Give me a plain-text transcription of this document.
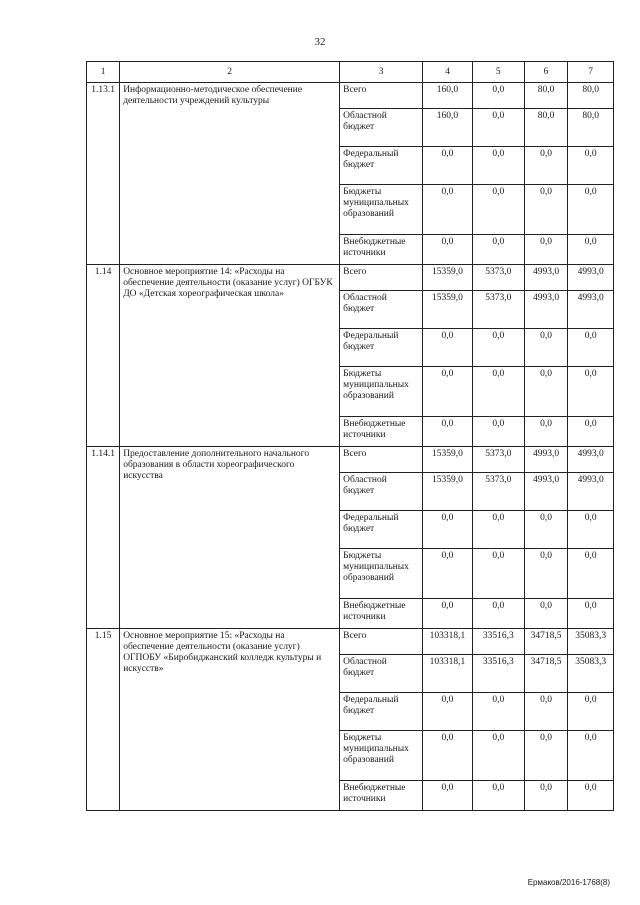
32
1	2	3	4	5	6	7
1.13.1	Информационно-методическое обеспечение деятельности учреждений культуры	Всего	160,0	0,0	80,0	80,0
		Областной бюджет	160,0	0,0	80,0	80,0
		Федеральный бюджет	0,0	0,0	0,0	0,0
		Бюджеты муниципальных образований	0,0	0,0	0,0	0,0
		Внебюджетные источники	0,0	0,0	0,0	0,0
1.14	Основное мероприятие 14: «Расходы на обеспечение деятельности (оказание услуг) ОГБУК ДО «Детская хореографическая школа»	Всего	15359,0	5373,0	4993,0	4993,0
		Областной бюджет	15359,0	5373,0	4993,0	4993,0
		Федеральный бюджет	0,0	0,0	0,0	0,0
		Бюджеты муниципальных образований	0,0	0,0	0,0	0,0
		Внебюджетные источники	0,0	0,0	0,0	0,0
1.14.1	Предоставление дополнительного начального образования в области хореографического искусства	Всего	15359,0	5373,0	4993,0	4993,0
		Областной бюджет	15359,0	5373,0	4993,0	4993,0
		Федеральный бюджет	0,0	0,0	0,0	0,0
		Бюджеты муниципальных образований	0,0	0,0	0,0	0,0
		Внебюджетные источники	0,0	0,0	0,0	0,0
1.15	Основное мероприятие 15: «Расходы на обеспечение деятельности (оказание услуг) ОГПОБУ «Биробиджанский колледж культуры и искусств»	Всего	103318,1	33516,3	34718,5	35083,3
		Областной бюджет	103318,1	33516,3	34718,5	35083,3
		Федеральный бюджет	0,0	0,0	0,0	0,0
		Бюджеты муниципальных образований	0,0	0,0	0,0	0,0
		Внебюджетные источники	0,0	0,0	0,0	0,0
Ермаков/2016-1768(8)
